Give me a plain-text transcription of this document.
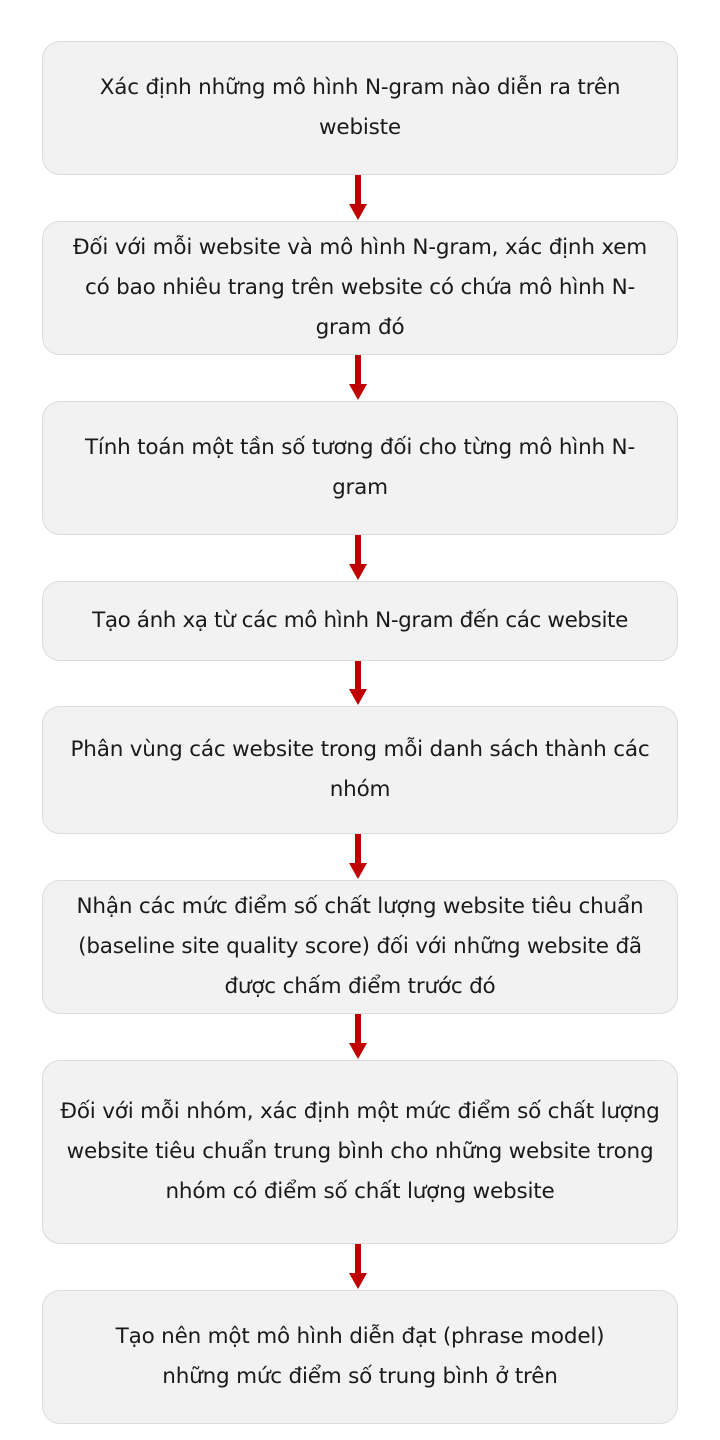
Xác định những mô hình N-gram nào diễn ra trên webiste
Đối với mỗi website và mô hình N-gram, xác định xem có bao nhiêu trang trên website có chứa mô hình N-gram đó
Tính toán một tần số tương đối cho từng mô hình N-gram
Tạo ánh xạ từ các mô hình N-gram đến các website
Phân vùng các website trong mỗi danh sách thành các nhóm
Nhận các mức điểm số chất lượng website tiêu chuẩn (baseline site quality score) đối với những website đã được chấm điểm trước đó
Đối với mỗi nhóm, xác định một mức điểm số chất lượng website tiêu chuẩn trung bình cho những website trong nhóm có điểm số chất lượng website
Tạo nên một mô hình diễn đạt (phrase model) những mức điểm số trung bình ở trên
